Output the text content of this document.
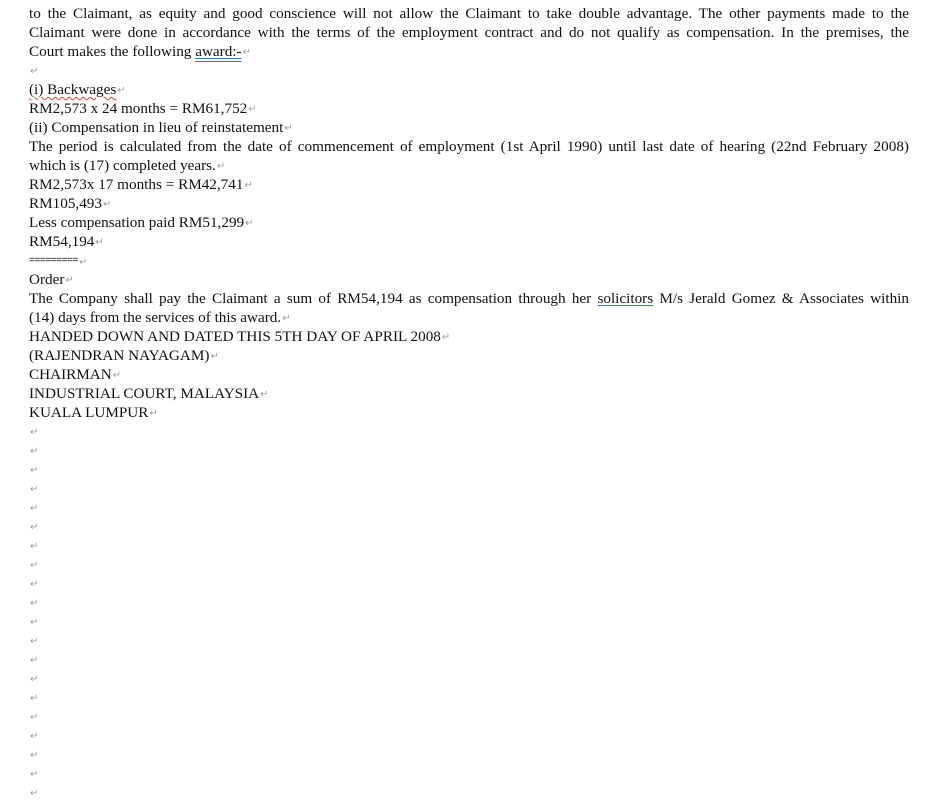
to the Claimant, as equity and good conscience will not allow the Claimant to take double advantage. The other payments made to the
Claimant were done in accordance with the terms of the employment contract and do not qualify as compensation. In the premises, the
Court makes the following award:-↵
↵
(i) Backwages↵
RM2,573 x 24 months = RM61,752↵
(ii) Compensation in lieu of reinstatement↵
The period is calculated from the date of commencement of employment (1st April 1990) until last date of hearing (22nd February 2008)
which is (17) completed years.↵
RM2,573x 17 months = RM42,741↵
RM105,493↵
Less compensation paid RM51,299↵
RM54,194↵
=========↵
Order↵
The Company shall pay the Claimant a sum of RM54,194 as compensation through her solicitors M/s Jerald Gomez & Associates within
(14) days from the services of this award.↵
HANDED DOWN AND DATED THIS 5TH DAY OF APRIL 2008↵
(RAJENDRAN NAYAGAM)↵
CHAIRMAN↵
INDUSTRIAL COURT, MALAYSIA↵
KUALA LUMPUR↵
↵
↵
↵
↵
↵
↵
↵
↵
↵
↵
↵
↵
↵
↵
↵
↵
↵
↵
↵
↵
